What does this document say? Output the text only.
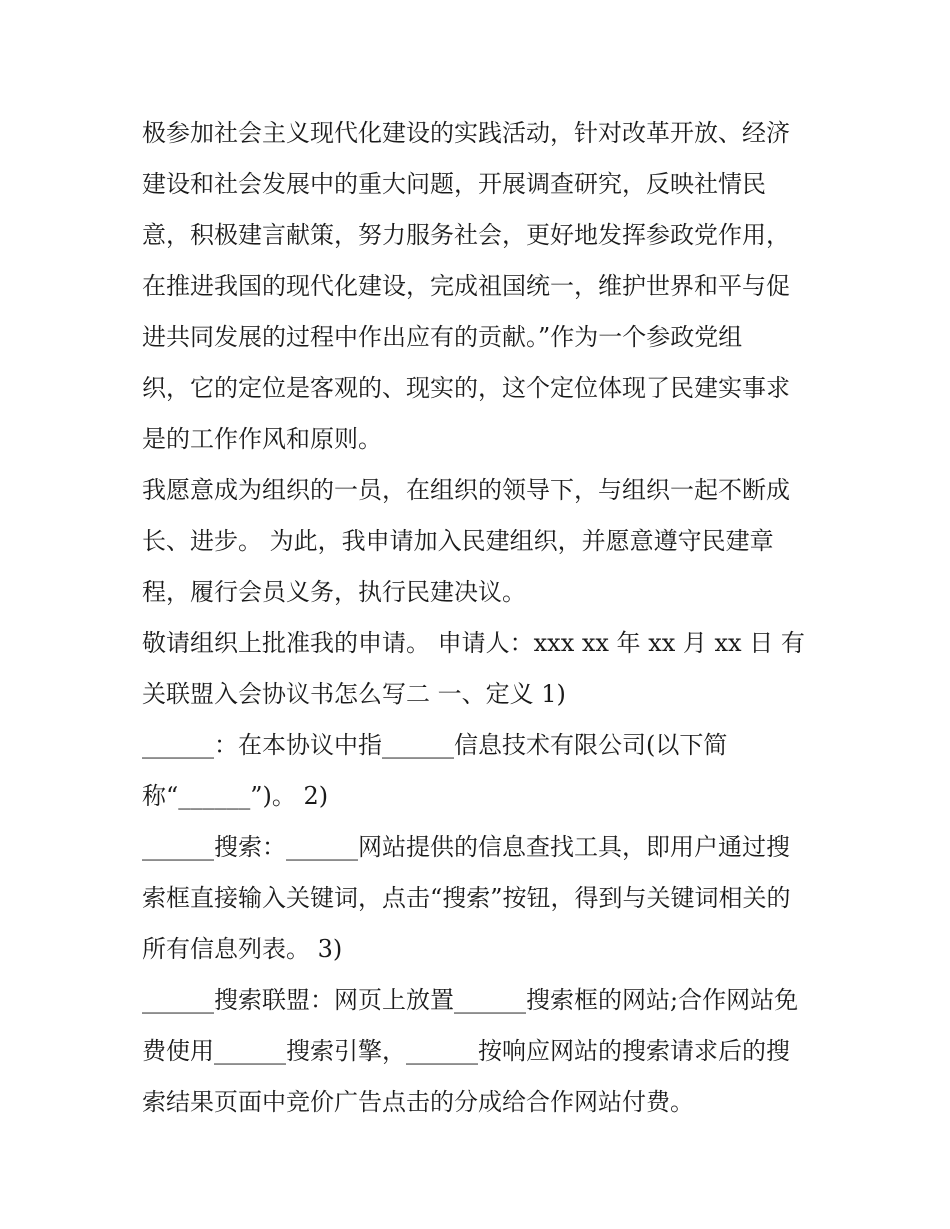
极参加社会主义现代化建设的实践活动，针对改革开放、经济
建设和社会发展中的重大问题，开展调查研究，反映社情民
意，积极建言献策，努力服务社会，更好地发挥参政党作用，
在推进我国的现代化建设，完成祖国统一，维护世界和平与促
进共同发展的过程中作出应有的贡献。”作为一个参政党组
织，它的定位是客观的、现实的，这个定位体现了民建实事求
是的工作作风和原则。
我愿意成为组织的一员，在组织的领导下，与组织一起不断成
长、进步。 为此，我申请加入民建组织，并愿意遵守民建章
程，履行会员义务，执行民建决议。
敬请组织上批准我的申请。 申请人：xxx xx 年 xx 月 xx 日 有
关联盟入会协议书怎么写二 一、定义 1)
______：在本协议中指______信息技术有限公司(以下简
称“______”)。 2)
______搜索：______网站提供的信息查找工具，即用户通过搜
索框直接输入关键词，点击“搜索”按钮，得到与关键词相关的
所有信息列表。 3)
______搜索联盟：网页上放置______搜索框的网站;合作网站免
费使用______搜索引擎，______按响应网站的搜索请求后的搜
索结果页面中竞价广告点击的分成给合作网站付费。
